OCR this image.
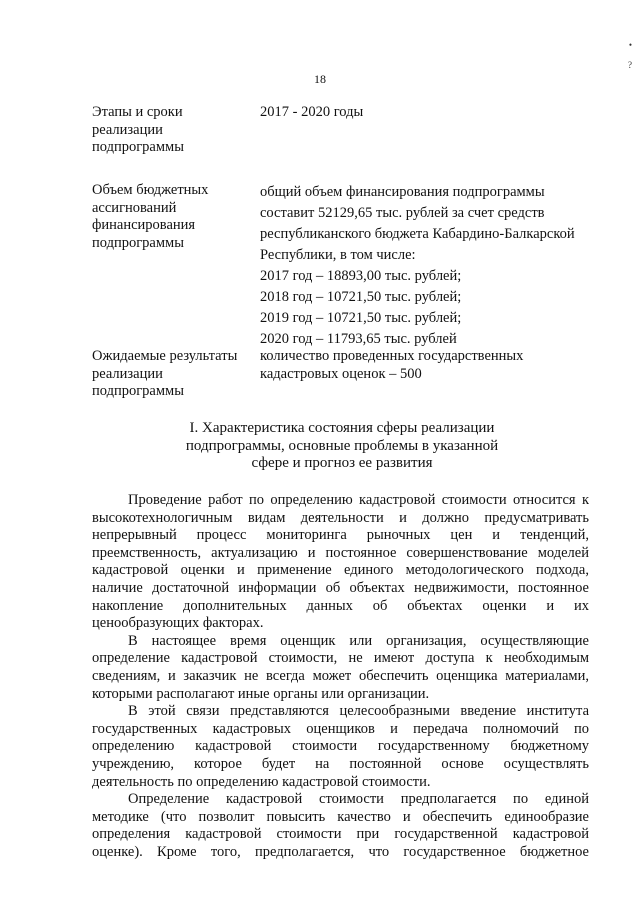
18
•
?
Этапы и сроки
реализации
подпрограммы
2017 - 2020 годы
Объем бюджетных
ассигнований
финансирования
подпрограммы
общий объем финансирования подпрограммы
составит 52129,65 тыс. рублей за счет средств
республиканского бюджета Кабардино-Балкарской
Республики, в том числе:
2017 год – 18893,00 тыс. рублей;
2018 год – 10721,50 тыс. рублей;
2019 год – 10721,50 тыс. рублей;
2020 год – 11793,65 тыс. рублей
Ожидаемые результаты
реализации
подпрограммы
количество проведенных государственных
кадастровых оценок – 500
I. Характеристика состояния сферы реализации
подпрограммы, основные проблемы в указанной
сфере и прогноз ее развития
Проведение работ по определению кадастровой стоимости относится к
высокотехнологичным видам деятельности и должно предусматривать
непрерывный процесс мониторинга рыночных цен и тенденций,
преемственность, актуализацию и постоянное совершенствование моделей
кадастровой оценки и применение единого методологического подхода,
наличие достаточной информации об объектах недвижимости, постоянное
накопление дополнительных данных об объектах оценки и их
ценообразующих факторах.
В настоящее время оценщик или организация, осуществляющие
определение кадастровой стоимости, не имеют доступа к необходимым
сведениям, и заказчик не всегда может обеспечить оценщика материалами,
которыми располагают иные органы или организации.
В этой связи представляются целесообразными введение института
государственных кадастровых оценщиков и передача полномочий по
определению кадастровой стоимости государственному бюджетному
учреждению, которое будет на постоянной основе осуществлять
деятельность по определению кадастровой стоимости.
Определение кадастровой стоимости предполагается по единой
методике (что позволит повысить качество и обеспечить единообразие
определения кадастровой стоимости при государственной кадастровой
оценке). Кроме того, предполагается, что государственное бюджетное
